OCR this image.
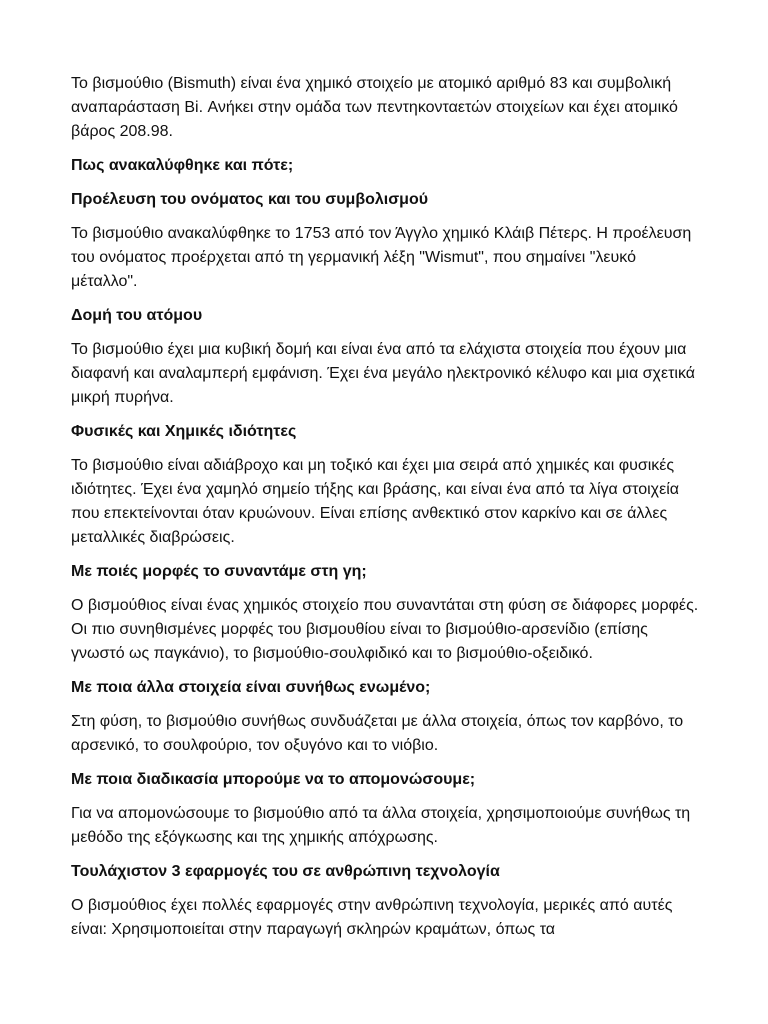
Το βισμούθιο (Bismuth) είναι ένα χημικό στοιχείο με ατομικό αριθμό 83 και συμβολική αναπαράσταση Bi. Ανήκει στην ομάδα των πεντηκονταετών στοιχείων και έχει ατομικό βάρος 208.98.

Πως ανακαλύφθηκε και πότε;

Προέλευση του ονόματος και του συμβολισμού

Το βισμούθιο ανακαλύφθηκε το 1753 από τον Άγγλο χημικό Κλάιβ Πέτερς. Η προέλευση του ονόματος προέρχεται από τη γερμανική λέξη "Wismut", που σημαίνει "λευκό μέταλλο".

Δομή του ατόμου

Το βισμούθιο έχει μια κυβική δομή και είναι ένα από τα ελάχιστα στοιχεία που έχουν μια διαφανή και αναλαμπερή εμφάνιση. Έχει ένα μεγάλο ηλεκτρονικό κέλυφο και μια σχετικά μικρή πυρήνα.

Φυσικές και Χημικές ιδιότητες

Το βισμούθιο είναι αδιάβροχο και μη τοξικό και έχει μια σειρά από χημικές και φυσικές ιδιότητες. Έχει ένα χαμηλό σημείο τήξης και βράσης, και είναι ένα από τα λίγα στοιχεία που επεκτείνονται όταν κρυώνουν. Είναι επίσης ανθεκτικό στον καρκίνο και σε άλλες μεταλλικές διαβρώσεις.

Με ποιές μορφές το συναντάμε στη γη;

Ο βισμούθιος είναι ένας χημικός στοιχείο που συναντάται στη φύση σε διάφορες μορφές. Οι πιο συνηθισμένες μορφές του βισμουθίου είναι το βισμούθιο-αρσενίδιο (επίσης γνωστό ως παγκάνιο), το βισμούθιο-σουλφιδικό και το βισμούθιο-οξειδικό.

Με ποια άλλα στοιχεία είναι συνήθως ενωμένο;

Στη φύση, το βισμούθιο συνήθως συνδυάζεται με άλλα στοιχεία, όπως τον καρβόνο, το αρσενικό, το σουλφούριο, τον οξυγόνο και το νιόβιο.

Με ποια διαδικασία μπορούμε να το απομονώσουμε;

Για να απομονώσουμε το βισμούθιο από τα άλλα στοιχεία, χρησιμοποιούμε συνήθως τη μεθόδο της εξόγκωσης και της χημικής απόχρωσης.

Τουλάχιστον 3 εφαρμογές του σε ανθρώπινη τεχνολογία

Ο βισμούθιος έχει πολλές εφαρμογές στην ανθρώπινη τεχνολογία, μερικές από αυτές είναι: Χρησιμοποιείται στην παραγωγή σκληρών κραμάτων, όπως τα
